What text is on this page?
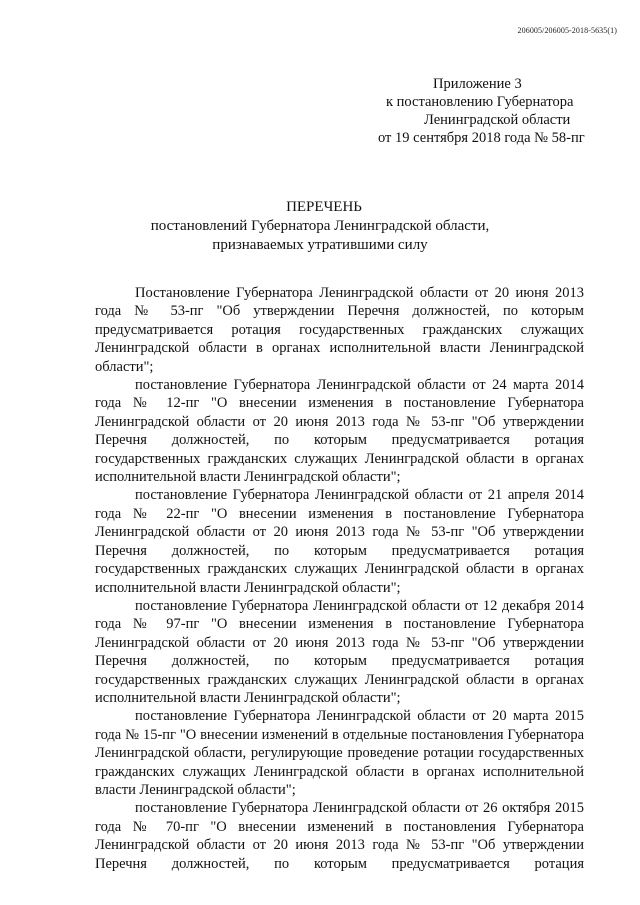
206005/206005-2018-5635(1)
Приложение 3
к постановлению Губернатора
Ленинградской области
от 19 сентября 2018 года № 58-пг
ПЕРЕЧЕНЬ
постановлений Губернатора Ленинградской области,
признаваемых утратившими силу

Постановление Губернатора Ленинградской области от 20 июня 2013 года № 53-пг "Об утверждении Перечня должностей, по которым предусматривается ротация государственных гражданских служащих Ленинградской области в органах исполнительной власти Ленинградской области";

постановление Губернатора Ленинградской области от 24 марта 2014 года № 12-пг "О внесении изменения в постановление Губернатора Ленинградской области от 20 июня 2013 года № 53-пг "Об утверждении Перечня должностей, по которым предусматривается ротация государственных гражданских служащих Ленинградской области в органах исполнительной власти Ленинградской области";

постановление Губернатора Ленинградской области от 21 апреля 2014 года № 22-пг "О внесении изменения в постановление Губернатора Ленинградской области от 20 июня 2013 года № 53-пг "Об утверждении Перечня должностей, по которым предусматривается ротация государственных гражданских служащих Ленинградской области в органах исполнительной власти Ленинградской области";

постановление Губернатора Ленинградской области от 12 декабря 2014 года № 97-пг "О внесении изменения в постановление Губернатора Ленинградской области от 20 июня 2013 года № 53-пг "Об утверждении Перечня должностей, по которым предусматривается ротация государственных гражданских служащих Ленинградской области в органах исполнительной власти Ленинградской области";

постановление Губернатора Ленинградской области от 20 марта 2015 года № 15-пг "О внесении изменений в отдельные постановления Губернатора Ленинградской области, регулирующие проведение ротации государственных гражданских служащих Ленинградской области в органах исполнительной власти Ленинградской области";

постановление Губернатора Ленинградской области от 26 октября 2015 года № 70-пг "О внесении изменений в постановления Губернатора Ленинградской области от 20 июня 2013 года № 53-пг "Об утверждении Перечня должностей, по которым предусматривается ротация
